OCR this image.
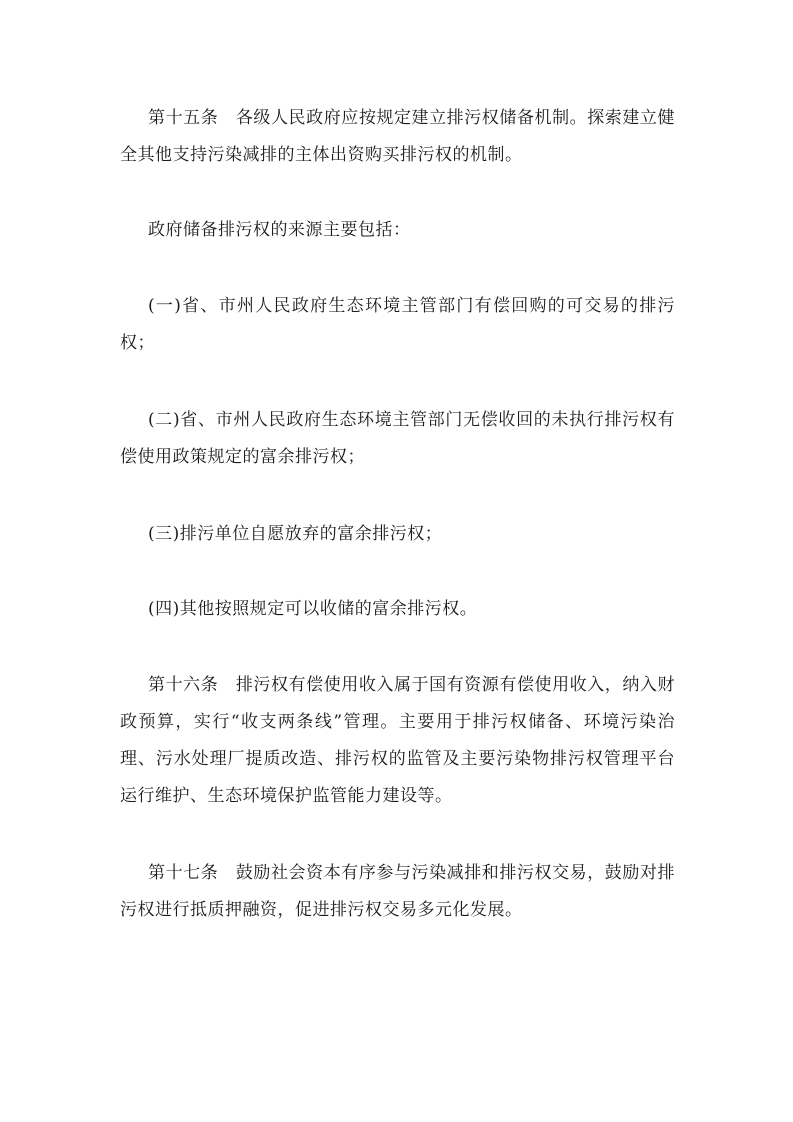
第十五条　各级人民政府应按规定建立排污权储备机制。探索建立健全其他支持污染减排的主体出资购买排污权的机制。

政府储备排污权的来源主要包括：

(一)省、市州人民政府生态环境主管部门有偿回购的可交易的排污权；

(二)省、市州人民政府生态环境主管部门无偿收回的未执行排污权有偿使用政策规定的富余排污权；

(三)排污单位自愿放弃的富余排污权；

(四)其他按照规定可以收储的富余排污权。

第十六条　排污权有偿使用收入属于国有资源有偿使用收入，纳入财政预算，实行“收支两条线”管理。主要用于排污权储备、环境污染治理、污水处理厂提质改造、排污权的监管及主要污染物排污权管理平台运行维护、生态环境保护监管能力建设等。

第十七条　鼓励社会资本有序参与污染减排和排污权交易，鼓励对排污权进行抵质押融资，促进排污权交易多元化发展。
